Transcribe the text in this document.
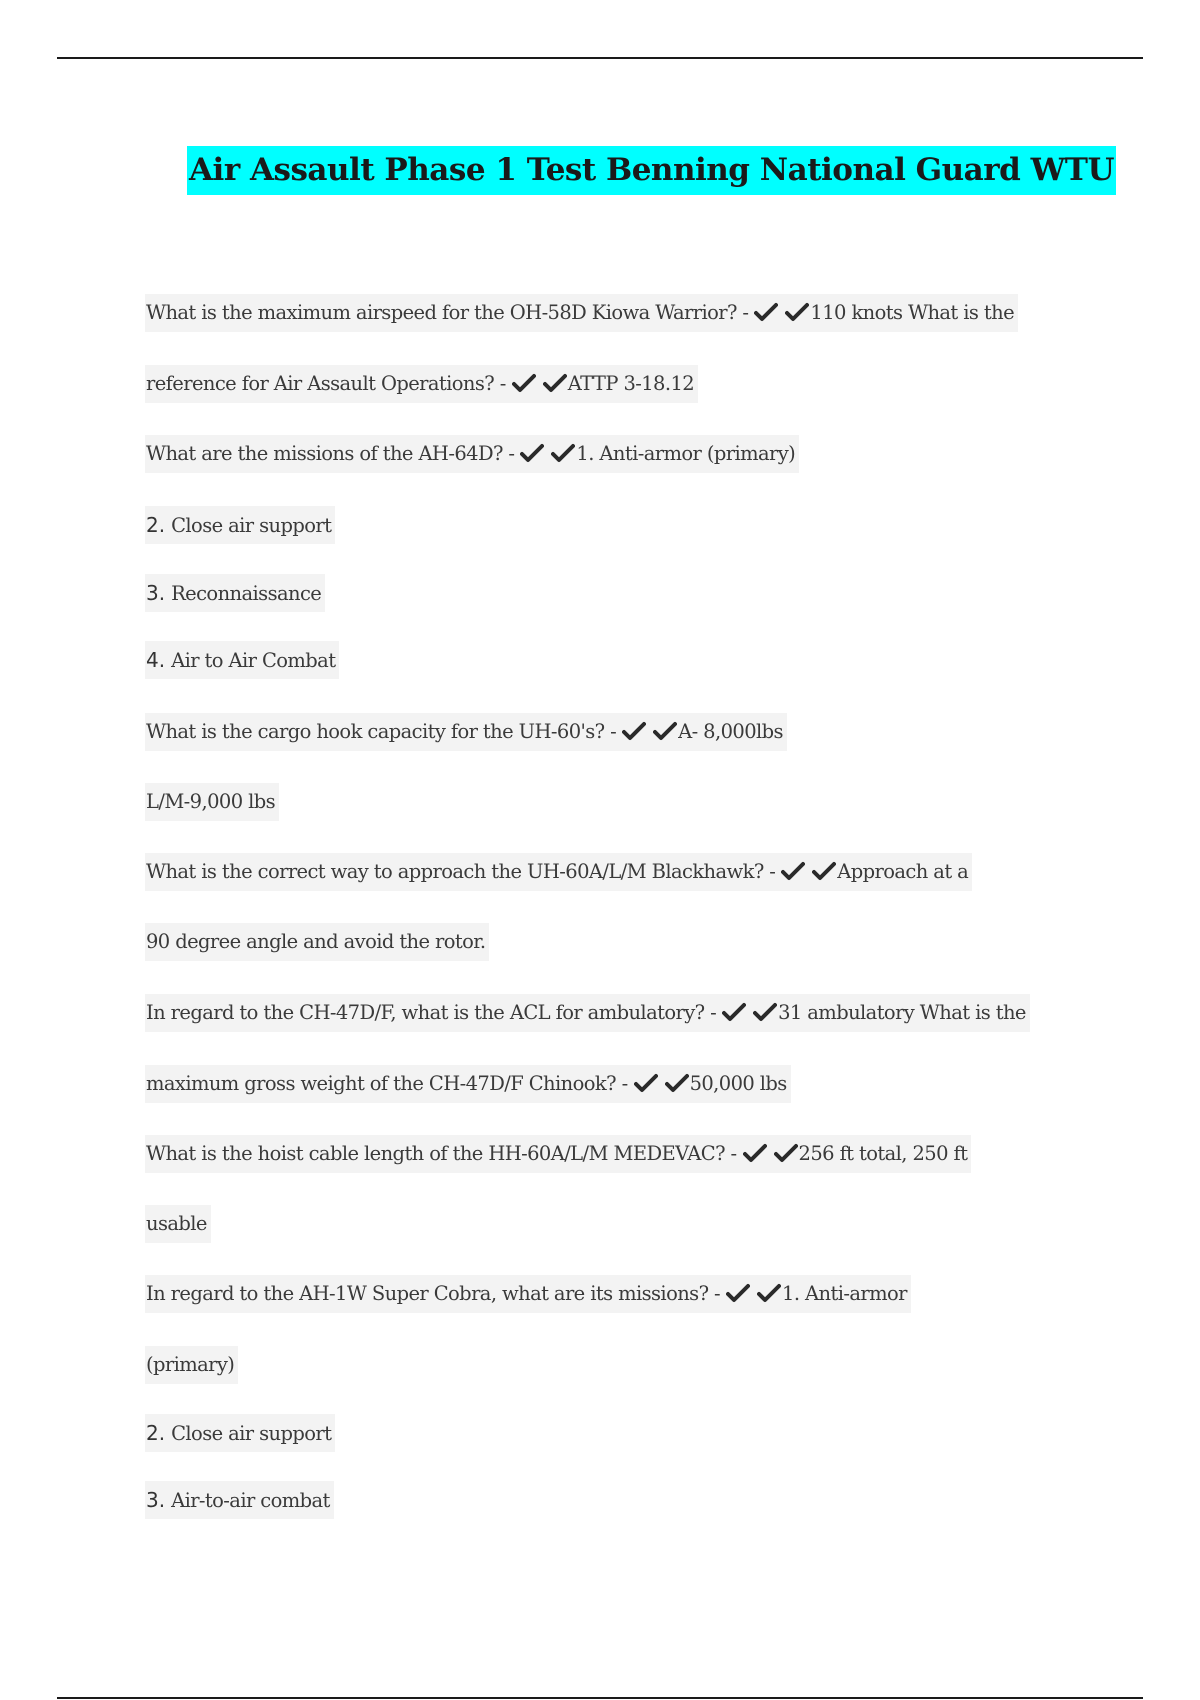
Air Assault Phase 1 Test Benning National Guard WTU
What is the maximum airspeed for the OH-58D Kiowa Warrior? -	110 knots What is the
reference for Air Assault Operations? -	ATTP 3-18.12
What are the missions of the AH-64D? -	1. Anti-armor (primary)
2. Close air support
3. Reconnaissance
4. Air to Air Combat
What is the cargo hook capacity for the UH-60's? -	A- 8,000lbs
L/M-9,000 lbs
What is the correct way to approach the UH-60A/L/M Blackhawk? -	Approach at a
90 degree angle and avoid the rotor.
In regard to the CH-47D/F, what is the ACL for ambulatory? -	31 ambulatory What is the
maximum gross weight of the CH-47D/F Chinook? -	50,000 lbs
What is the hoist cable length of the HH-60A/L/M MEDEVAC? -	256 ft total, 250 ft
usable
In regard to the AH-1W Super Cobra, what are its missions? -	1. Anti-armor
(primary)
2. Close air support
3. Air-to-air combat
